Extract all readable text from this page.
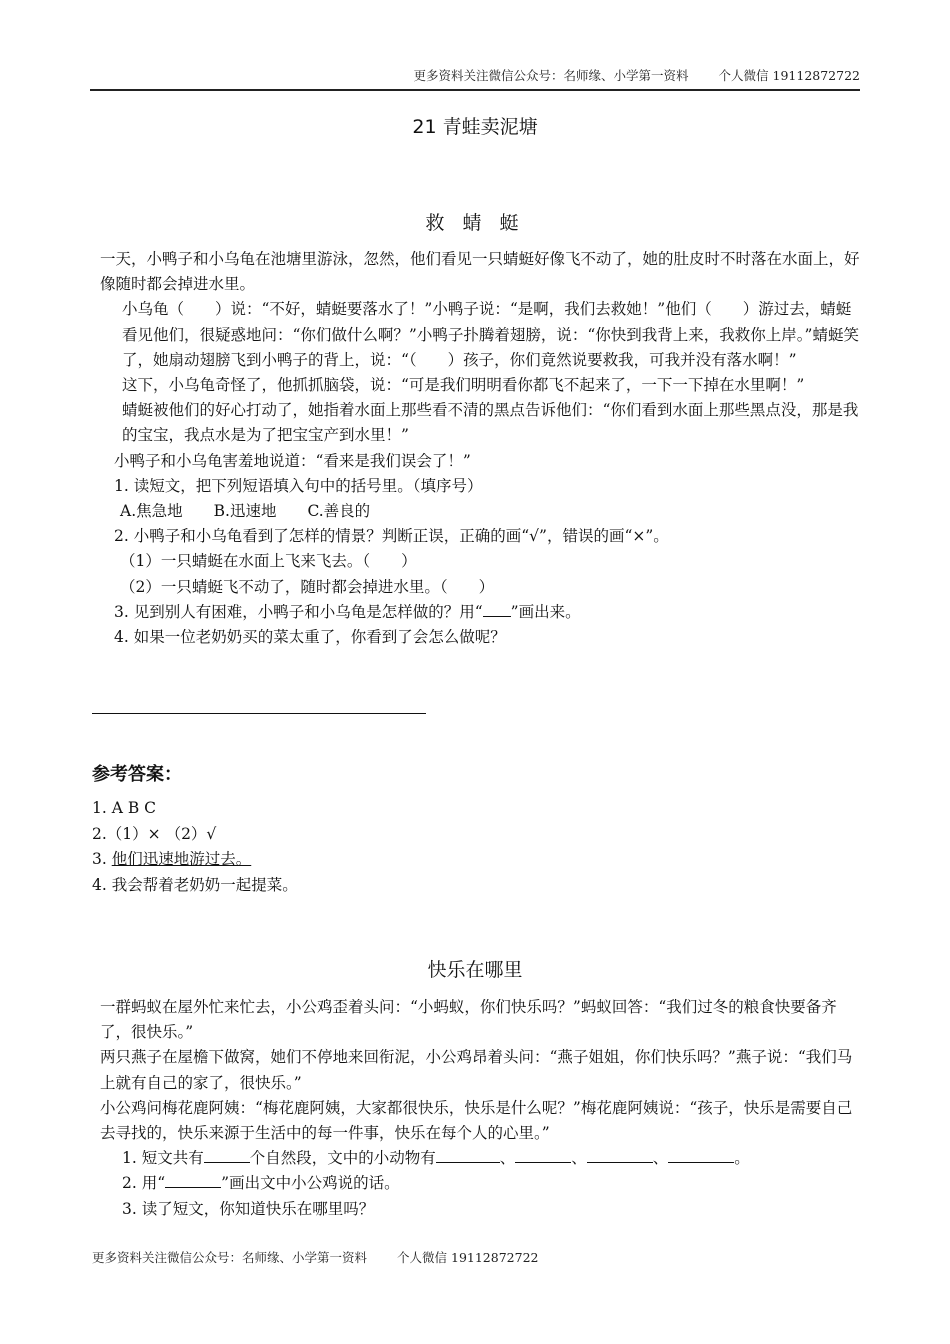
更多资料关注微信公众号：名师缘、小学第一资料 个人微信 19112872722
21 青蛙卖泥塘
救 蜻 蜓

一天，小鸭子和小乌龟在池塘里游泳，忽然，他们看见一只蜻蜓好像飞不动了，她的肚皮时不时落在水面上，好像随时都会掉进水里。

小乌龟（　　）说：“不好，蜻蜓要落水了！”小鸭子说：“是啊，我们去救她！”他们（　　）游过去，蜻蜓看见他们，很疑惑地问：“你们做什么啊？”小鸭子扑腾着翅膀，说：“你快到我背上来，我救你上岸。”蜻蜓笑了，她扇动翅膀飞到小鸭子的背上，说：“（　　）孩子，你们竟然说要救我，可我并没有落水啊！”

这下，小乌龟奇怪了，他抓抓脑袋，说：“可是我们明明看你都飞不起来了，一下一下掉在水里啊！”

蜻蜓被他们的好心打动了，她指着水面上那些看不清的黑点告诉他们：“你们看到水面上那些黑点没，那是我的宝宝，我点水是为了把宝宝产到水里！”

小鸭子和小乌龟害羞地说道：“看来是我们误会了！”

1. 读短文，把下列短语填入句中的括号里。（填序号）

A.焦急地　　B.迅速地　　C.善良的

2. 小鸭子和小乌龟看到了怎样的情景？判断正误，正确的画“√”，错误的画“×”。

（1）一只蜻蜓在水面上飞来飞去。（　　）

（2）一只蜻蜓飞不动了，随时都会掉进水里。（　　）

3. 见到别人有困难，小鸭子和小乌龟是怎样做的？用“ ”画出来。

4. 如果一位老奶奶买的菜太重了，你看到了会怎么做呢？

参考答案：

1. A B C

2.（1）× （2）√

3. 他们迅速地游过去。

4. 我会帮着老奶奶一起提菜。

快乐在哪里

一群蚂蚁在屋外忙来忙去，小公鸡歪着头问：“小蚂蚁，你们快乐吗？”蚂蚁回答：“我们过冬的粮食快要备齐了，很快乐。”

两只燕子在屋檐下做窝，她们不停地来回衔泥，小公鸡昂着头问：“燕子姐姐，你们快乐吗？”燕子说：“我们马上就有自己的家了，很快乐。”

小公鸡问梅花鹿阿姨：“梅花鹿阿姨，大家都很快乐，快乐是什么呢？”梅花鹿阿姨说：“孩子，快乐是需要自己去寻找的，快乐来源于生活中的每一件事，快乐在每个人的心里。”

1. 短文共有	个自然段，文中的小动物有	、	、	、	。

2. 用“	”画出文中小公鸡说的话。

3. 读了短文，你知道快乐在哪里吗？

更多资料关注微信公众号：名师缘、小学第一资料 个人微信 19112872722
